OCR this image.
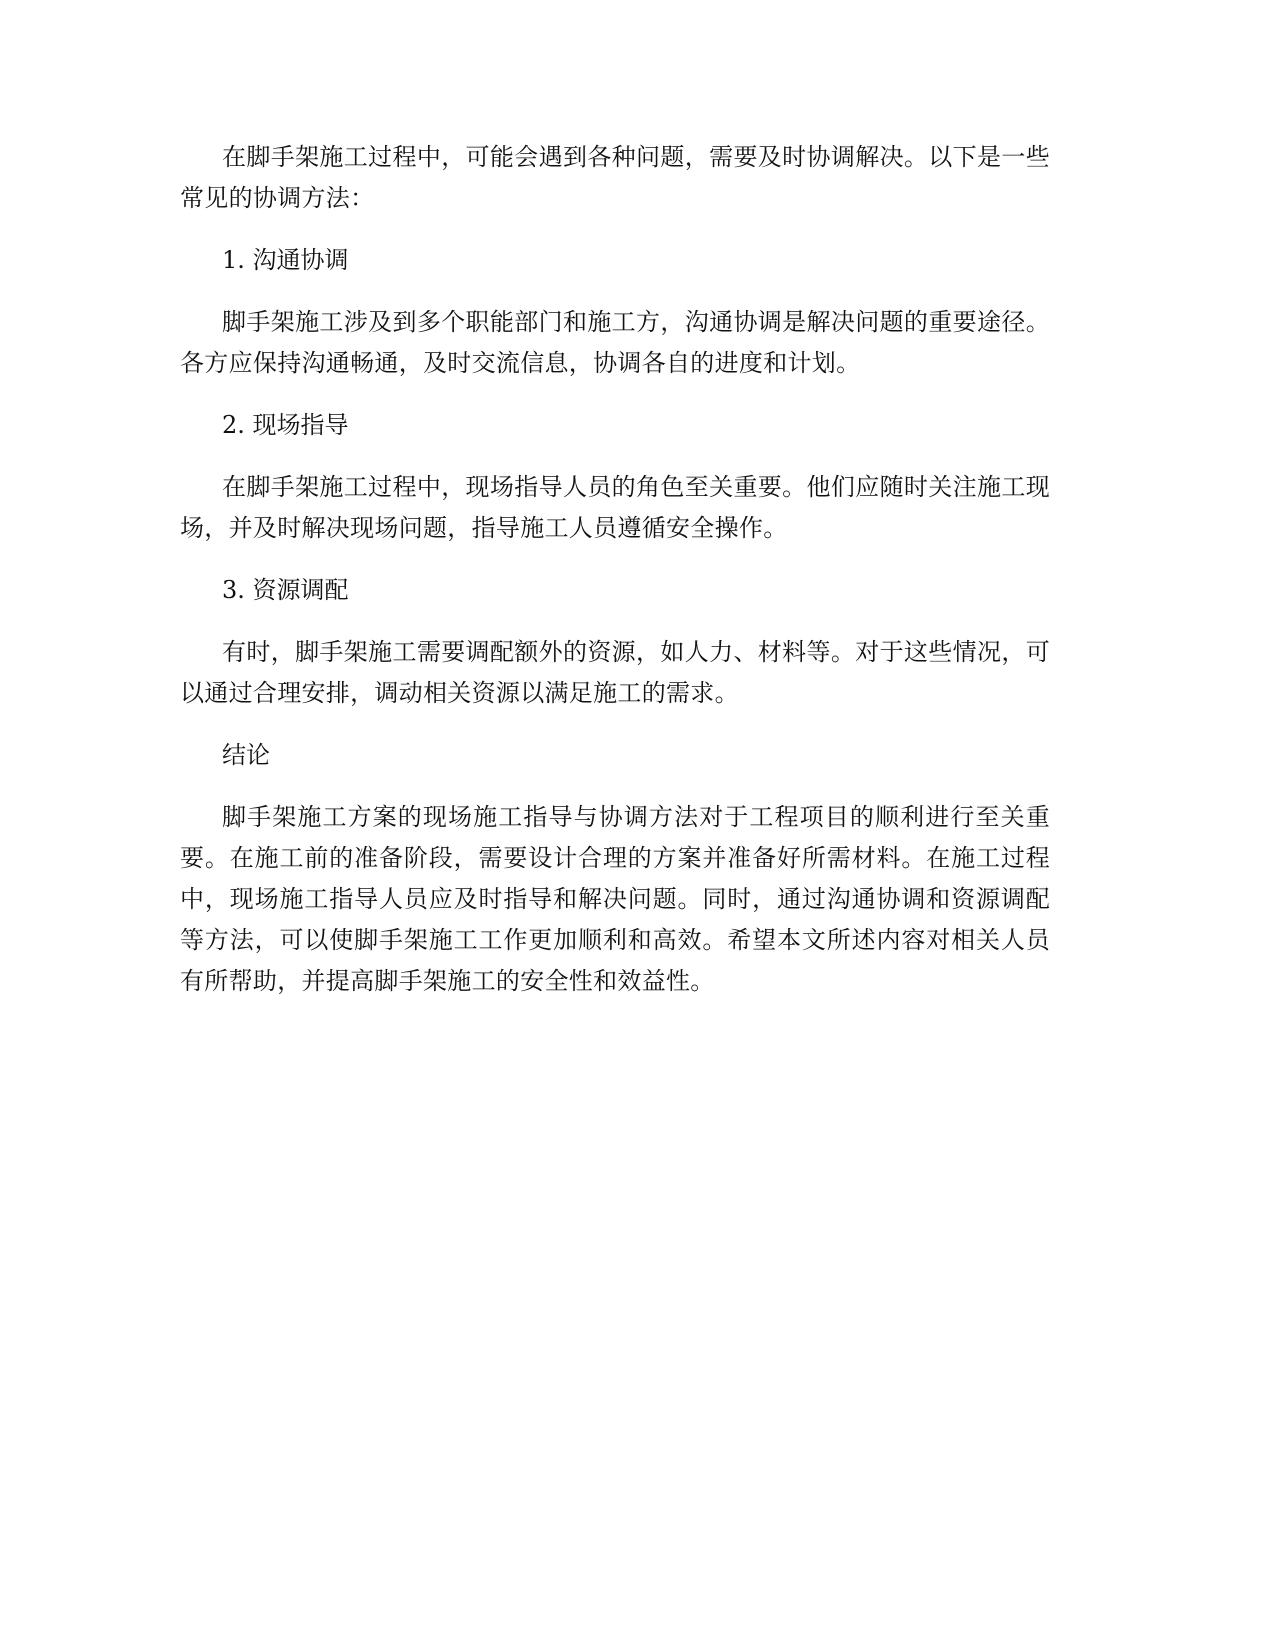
在脚手架施工过程中，可能会遇到各种问题，需要及时协调解决。以下是一些常见的协调方法：

1. 沟通协调

脚手架施工涉及到多个职能部门和施工方，沟通协调是解决问题的重要途径。各方应保持沟通畅通，及时交流信息，协调各自的进度和计划。

2. 现场指导

在脚手架施工过程中，现场指导人员的角色至关重要。他们应随时关注施工现场，并及时解决现场问题，指导施工人员遵循安全操作。

3. 资源调配

有时，脚手架施工需要调配额外的资源，如人力、材料等。对于这些情况，可以通过合理安排，调动相关资源以满足施工的需求。

结论

脚手架施工方案的现场施工指导与协调方法对于工程项目的顺利进行至关重要。在施工前的准备阶段，需要设计合理的方案并准备好所需材料。在施工过程中，现场施工指导人员应及时指导和解决问题。同时，通过沟通协调和资源调配等方法，可以使脚手架施工工作更加顺利和高效。希望本文所述内容对相关人员有所帮助，并提高脚手架施工的安全性和效益性。
